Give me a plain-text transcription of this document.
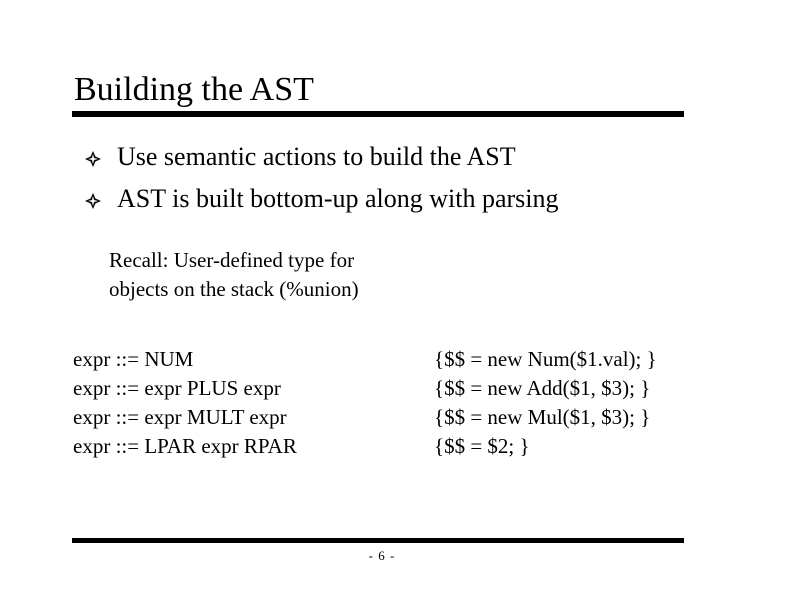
Building the AST
Use semantic actions to build the AST
AST is built bottom-up along with parsing
Recall: User-defined type for
objects on the stack (%union)
expr ::= NUM
expr ::= expr PLUS expr
expr ::= expr MULT expr
expr ::= LPAR expr RPAR
{$$ = new Num($1.val); }
{$$ = new Add($1, $3); }
{$$ = new Mul($1, $3); }
{$$ = $2; }
- 6 -
